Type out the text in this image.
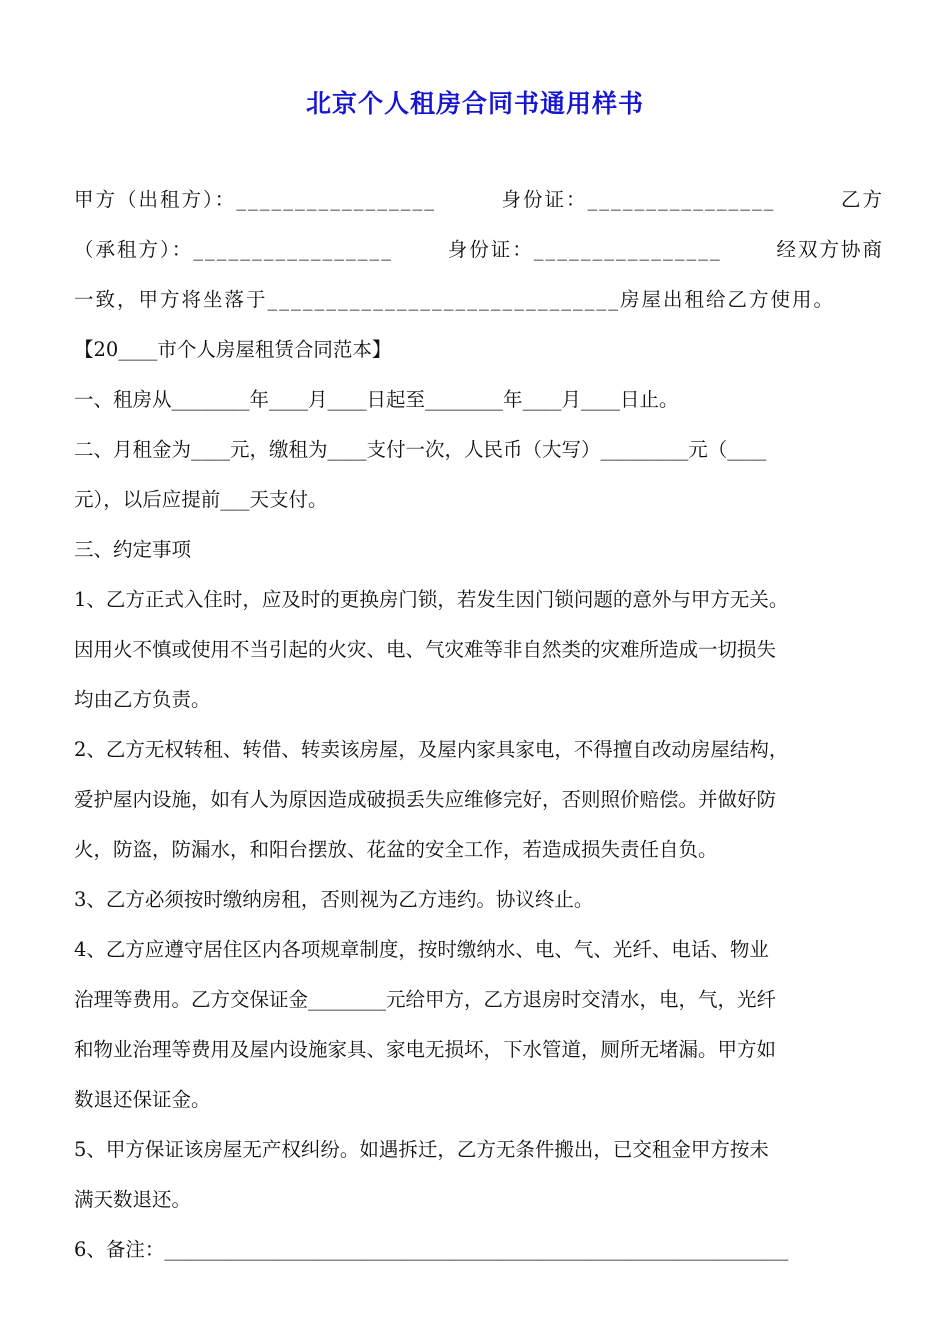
北京个人租房合同书通用样书
甲方（出租方）：_________________	身份证：________________	乙方
（承租方）：_________________	身份证：________________	经双方协商
一致，甲方将坐落于______________________________房屋出租给乙方使用。
【20____市个人房屋租赁合同范本】
一、租房从________年____月____日起至________年____月____日止。
二、月租金为____元，缴租为____支付一次，人民币（大写）_________元（____
元），以后应提前___天支付。
三、约定事项
1、乙方正式入住时，应及时的更换房门锁，若发生因门锁问题的意外与甲方无关。
因用火不慎或使用不当引起的火灾、电、气灾难等非自然类的灾难所造成一切损失
均由乙方负责。
2、乙方无权转租、转借、转卖该房屋，及屋内家具家电，不得擅自改动房屋结构，
爱护屋内设施，如有人为原因造成破损丢失应维修完好，否则照价赔偿。并做好防
火，防盗，防漏水，和阳台摆放、花盆的安全工作，若造成损失责任自负。
3、乙方必须按时缴纳房租，否则视为乙方违约。协议终止。
4、乙方应遵守居住区内各项规章制度，按时缴纳水、电、气、光纤、电话、物业
治理等费用。乙方交保证金________元给甲方，乙方退房时交清水，电，气，光纤
和物业治理等费用及屋内设施家具、家电无损坏，下水管道，厕所无堵漏。甲方如
数退还保证金。
5、甲方保证该房屋无产权纠纷。如遇拆迁，乙方无条件搬出，已交租金甲方按未
满天数退还。
6、备注：________________________________________________________________
